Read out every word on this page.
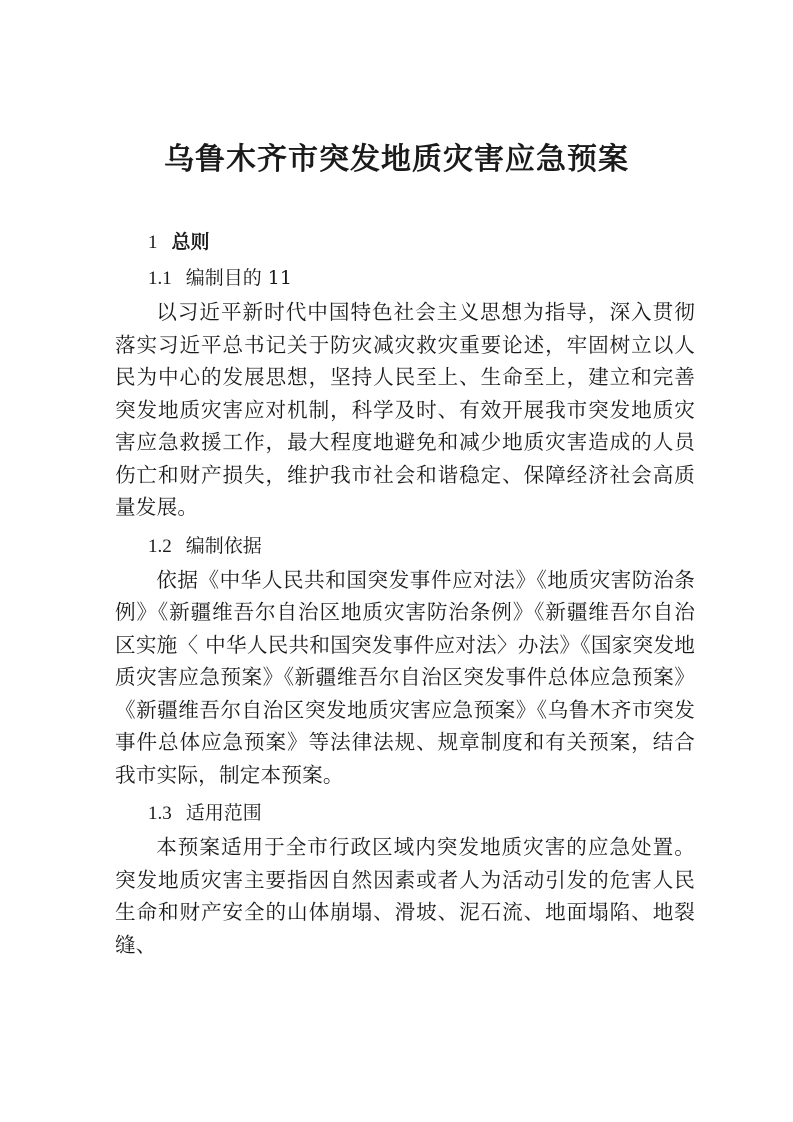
乌鲁木齐市突发地质灾害应急预案
1 总则
1.1 编制目的 11

以习近平新时代中国特色社会主义思想为指导，深入贯彻落实习近平总书记关于防灾减灾救灾重要论述，牢固树立以人民为中心的发展思想，坚持人民至上、生命至上，建立和完善突发地质灾害应对机制，科学及时、有效开展我市突发地质灾害应急救援工作，最大程度地避免和减少地质灾害造成的人员伤亡和财产损失，维护我市社会和谐稳定、保障经济社会高质量发展。

1.2 编制依据

依据《中华人民共和国突发事件应对法》《地质灾害防治条例》《新疆维吾尔自治区地质灾害防治条例》《新疆维吾尔自治区实施〈 中华人民共和国突发事件应对法〉办法》《国家突发地质灾害应急预案》《新疆维吾尔自治区突发事件总体应急预案》《新疆维吾尔自治区突发地质灾害应急预案》《乌鲁木齐市突发事件总体应急预案》等法律法规、规章制度和有关预案，结合我市实际，制定本预案。

1.3 适用范围

本预案适用于全市行政区域内突发地质灾害的应急处置。突发地质灾害主要指因自然因素或者人为活动引发的危害人民生命和财产安全的山体崩塌、滑坡、泥石流、地面塌陷、地裂缝、
